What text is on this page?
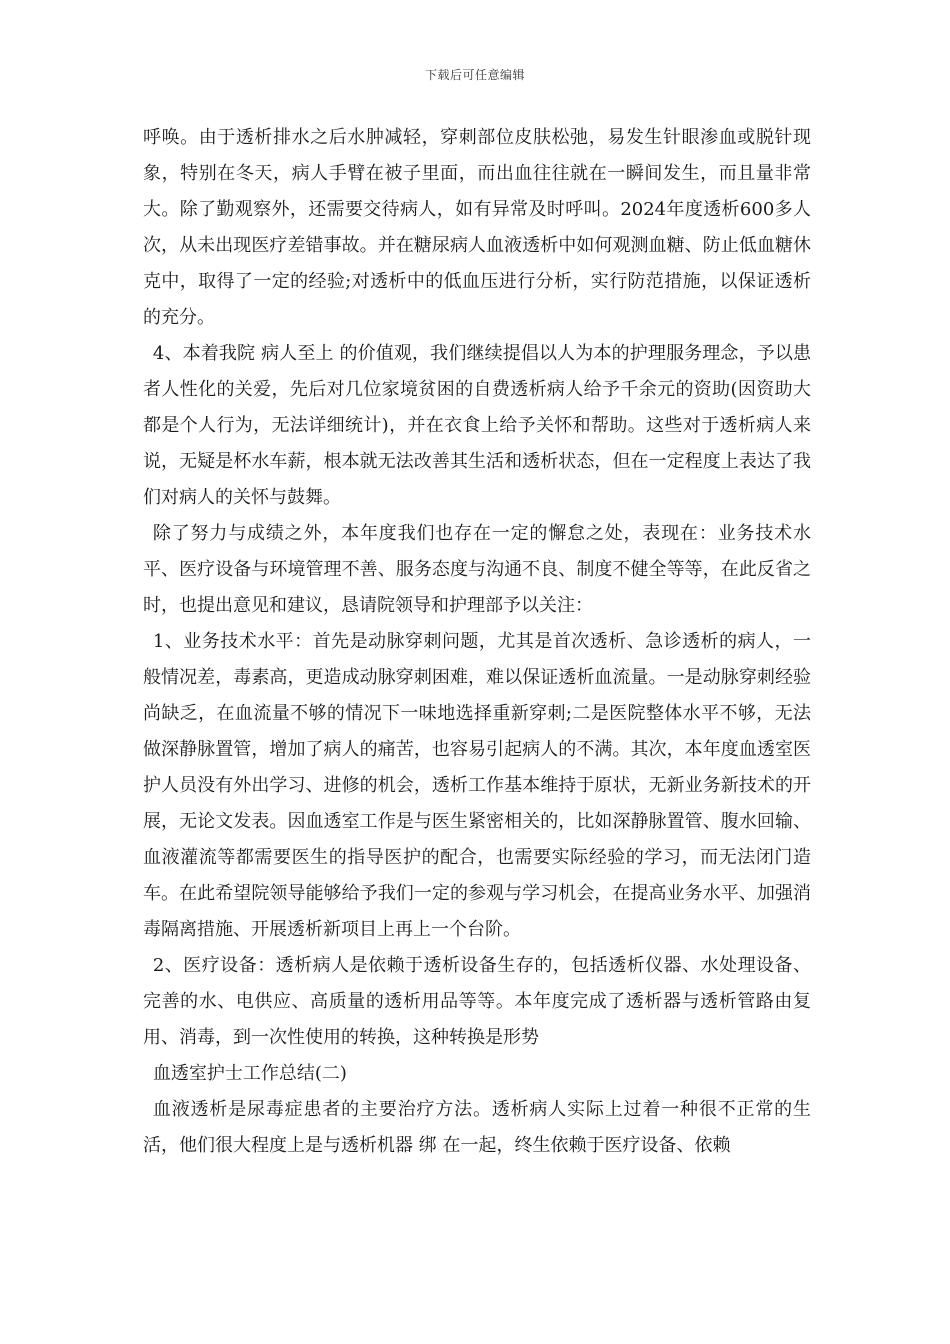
下载后可任意编辑

呼唤。由于透析排水之后水肿减轻，穿刺部位皮肤松弛，易发生针眼渗血或脱针现象，特别在冬天，病人手臂在被子里面，而出血往往就在一瞬间发生，而且量非常大。除了勤观察外，还需要交待病人，如有异常及时呼叫。2024年度透析600多人次，从未出现医疗差错事故。并在糖尿病人血液透析中如何观测血糖、防止低血糖休克中，取得了一定的经验;对透析中的低血压进行分析，实行防范措施，以保证透析的充分。

4、本着我院 病人至上 的价值观，我们继续提倡以人为本的护理服务理念，予以患者人性化的关爱，先后对几位家境贫困的自费透析病人给予千余元的资助(因资助大都是个人行为，无法详细统计)，并在衣食上给予关怀和帮助。这些对于透析病人来说，无疑是杯水车薪，根本就无法改善其生活和透析状态，但在一定程度上表达了我们对病人的关怀与鼓舞。

除了努力与成绩之外，本年度我们也存在一定的懈怠之处，表现在：业务技术水平、医疗设备与环境管理不善、服务态度与沟通不良、制度不健全等等，在此反省之时，也提出意见和建议，恳请院领导和护理部予以关注：

1、业务技术水平：首先是动脉穿刺问题，尤其是首次透析、急诊透析的病人，一般情况差，毒素高，更造成动脉穿刺困难，难以保证透析血流量。一是动脉穿刺经验尚缺乏，在血流量不够的情况下一味地选择重新穿刺;二是医院整体水平不够，无法做深静脉置管，增加了病人的痛苦，也容易引起病人的不满。其次，本年度血透室医护人员没有外出学习、进修的机会，透析工作基本维持于原状，无新业务新技术的开展，无论文发表。因血透室工作是与医生紧密相关的，比如深静脉置管、腹水回输、血液灌流等都需要医生的指导医护的配合，也需要实际经验的学习，而无法闭门造车。在此希望院领导能够给予我们一定的参观与学习机会，在提高业务水平、加强消毒隔离措施、开展透析新项目上再上一个台阶。

2、医疗设备：透析病人是依赖于透析设备生存的，包括透析仪器、水处理设备、完善的水、电供应、高质量的透析用品等等。本年度完成了透析器与透析管路由复用、消毒，到一次性使用的转换，这种转换是形势

血透室护士工作总结(二)

血液透析是尿毒症患者的主要治疗方法。透析病人实际上过着一种很不正常的生活，他们很大程度上是与透析机器 绑 在一起，终生依赖于医疗设备、依赖
